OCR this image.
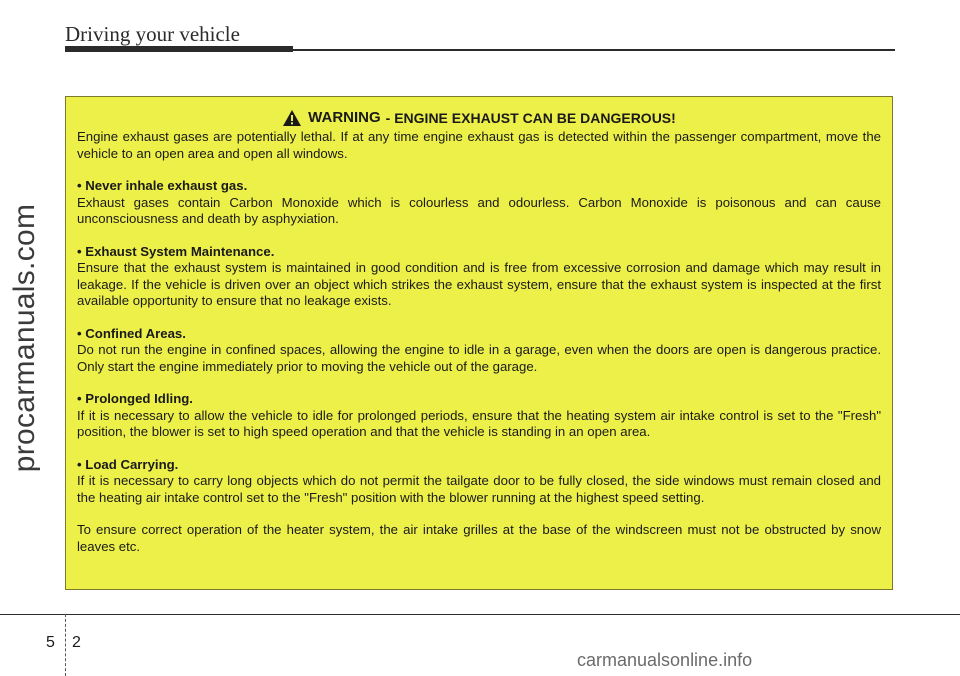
Driving your vehicle
procarmanuals.com
WARNING - ENGINE EXHAUST CAN BE DANGEROUS!

Engine exhaust gases are potentially lethal. If at any time engine exhaust gas is detected within the passenger compartment, move the vehicle to an open area and open all windows.

• Never inhale exhaust gas.

Exhaust gases contain Carbon Monoxide which is colourless and odourless. Carbon Monoxide is poisonous and can cause unconsciousness and death by asphyxiation.

• Exhaust System Maintenance.

Ensure that the exhaust system is maintained in good condition and is free from excessive corrosion and damage which may result in leakage. If the vehicle is driven over an object which strikes the exhaust system, ensure that the exhaust system is inspected at the first available opportunity to ensure that no leakage exists.

• Confined Areas.

Do not run the engine in confined spaces, allowing the engine to idle in a garage, even when the doors are open is dangerous practice. Only start the engine immediately prior to moving the vehicle out of the garage.

• Prolonged Idling.

If it is necessary to allow the vehicle to idle for prolonged periods, ensure that the heating system air intake control is set to the "Fresh" position, the blower is set to high speed operation and that the vehicle is standing in an open area.

• Load Carrying.

If it is necessary to carry long objects which do not permit the tailgate door to be fully closed, the side windows must remain closed and the heating air intake control set to the "Fresh" position with the blower running at the highest speed setting.

To ensure correct operation of the heater system, the air intake grilles at the base of the windscreen must not be obstructed by snow leaves etc.

5 2
carmanualsonline.info
